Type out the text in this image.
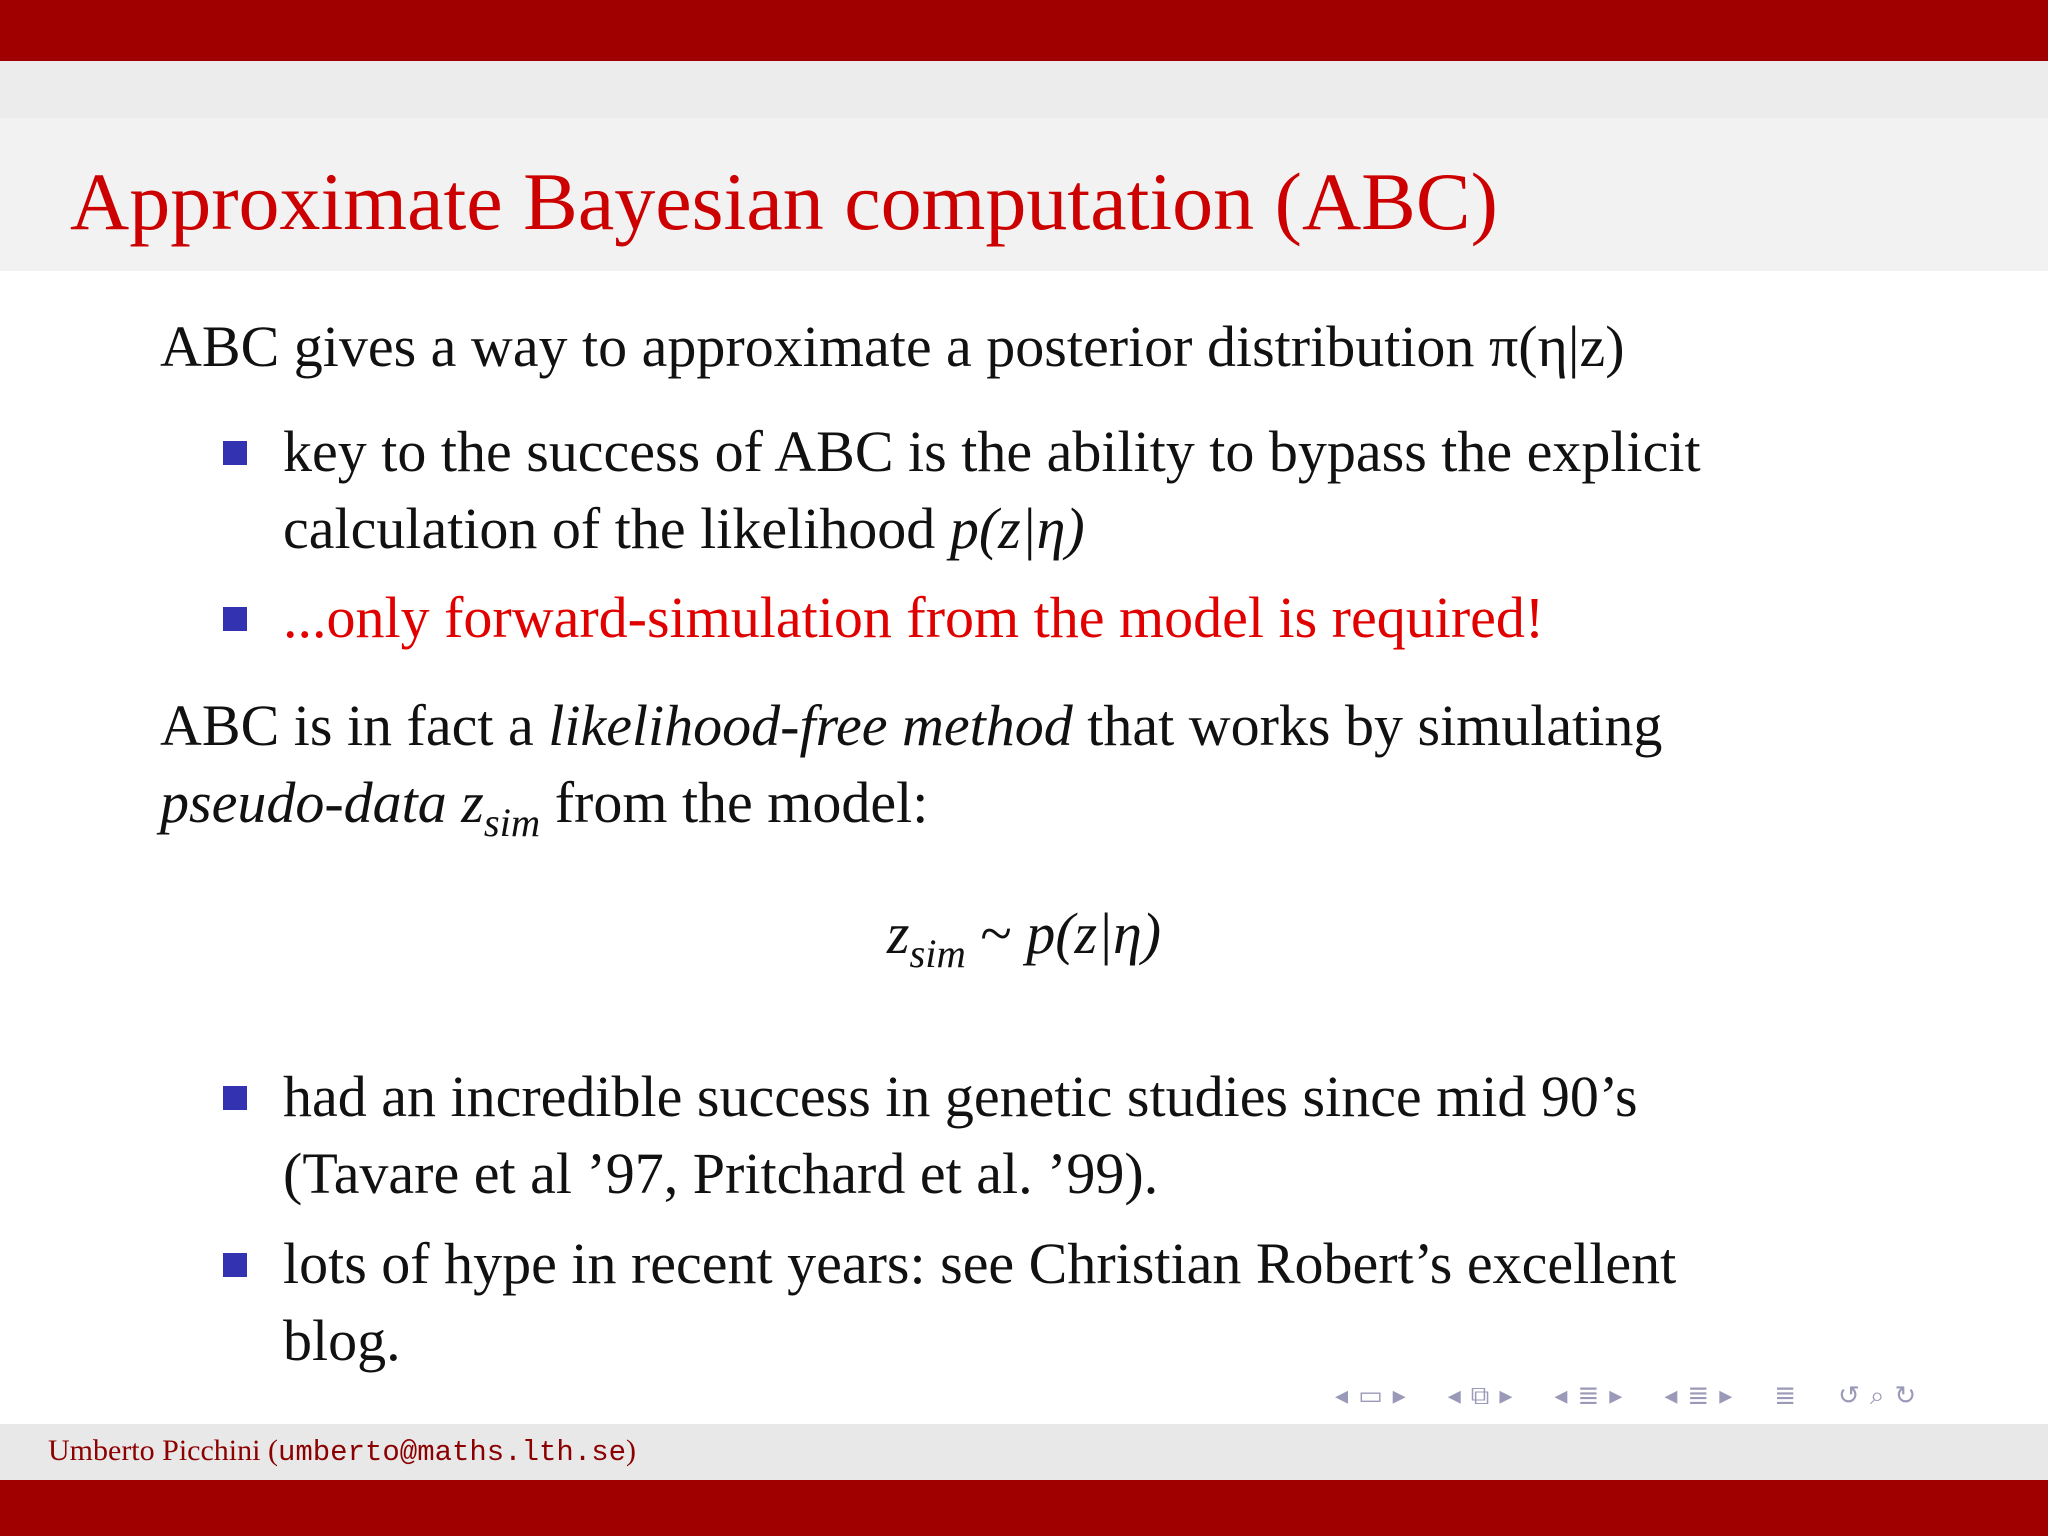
Approximate Bayesian computation (ABC)
ABC gives a way to approximate a posterior distribution π(η|z)
key to the success of ABC is the ability to bypass the explicit
calculation of the likelihood p(z|η)
...only forward-simulation from the model is required!
ABC is in fact a likelihood-free method that works by simulating
pseudo-data $z_{sim}$ from the model:
$z_{sim}$ ~ p(z|η)
had an incredible success in genetic studies since mid 90’s
(Tavare et al ’97, Pritchard et al. ’99).
lots of hype in recent years: see Christian Robert’s excellent
blog.
◂ ▭ ▸ ◂ ⧉ ▸ ◂ ≣ ▸ ◂ ≣ ▸ ≣ ↺ ⌕ ↻
Umberto Picchini (umberto@maths.lth.se)
